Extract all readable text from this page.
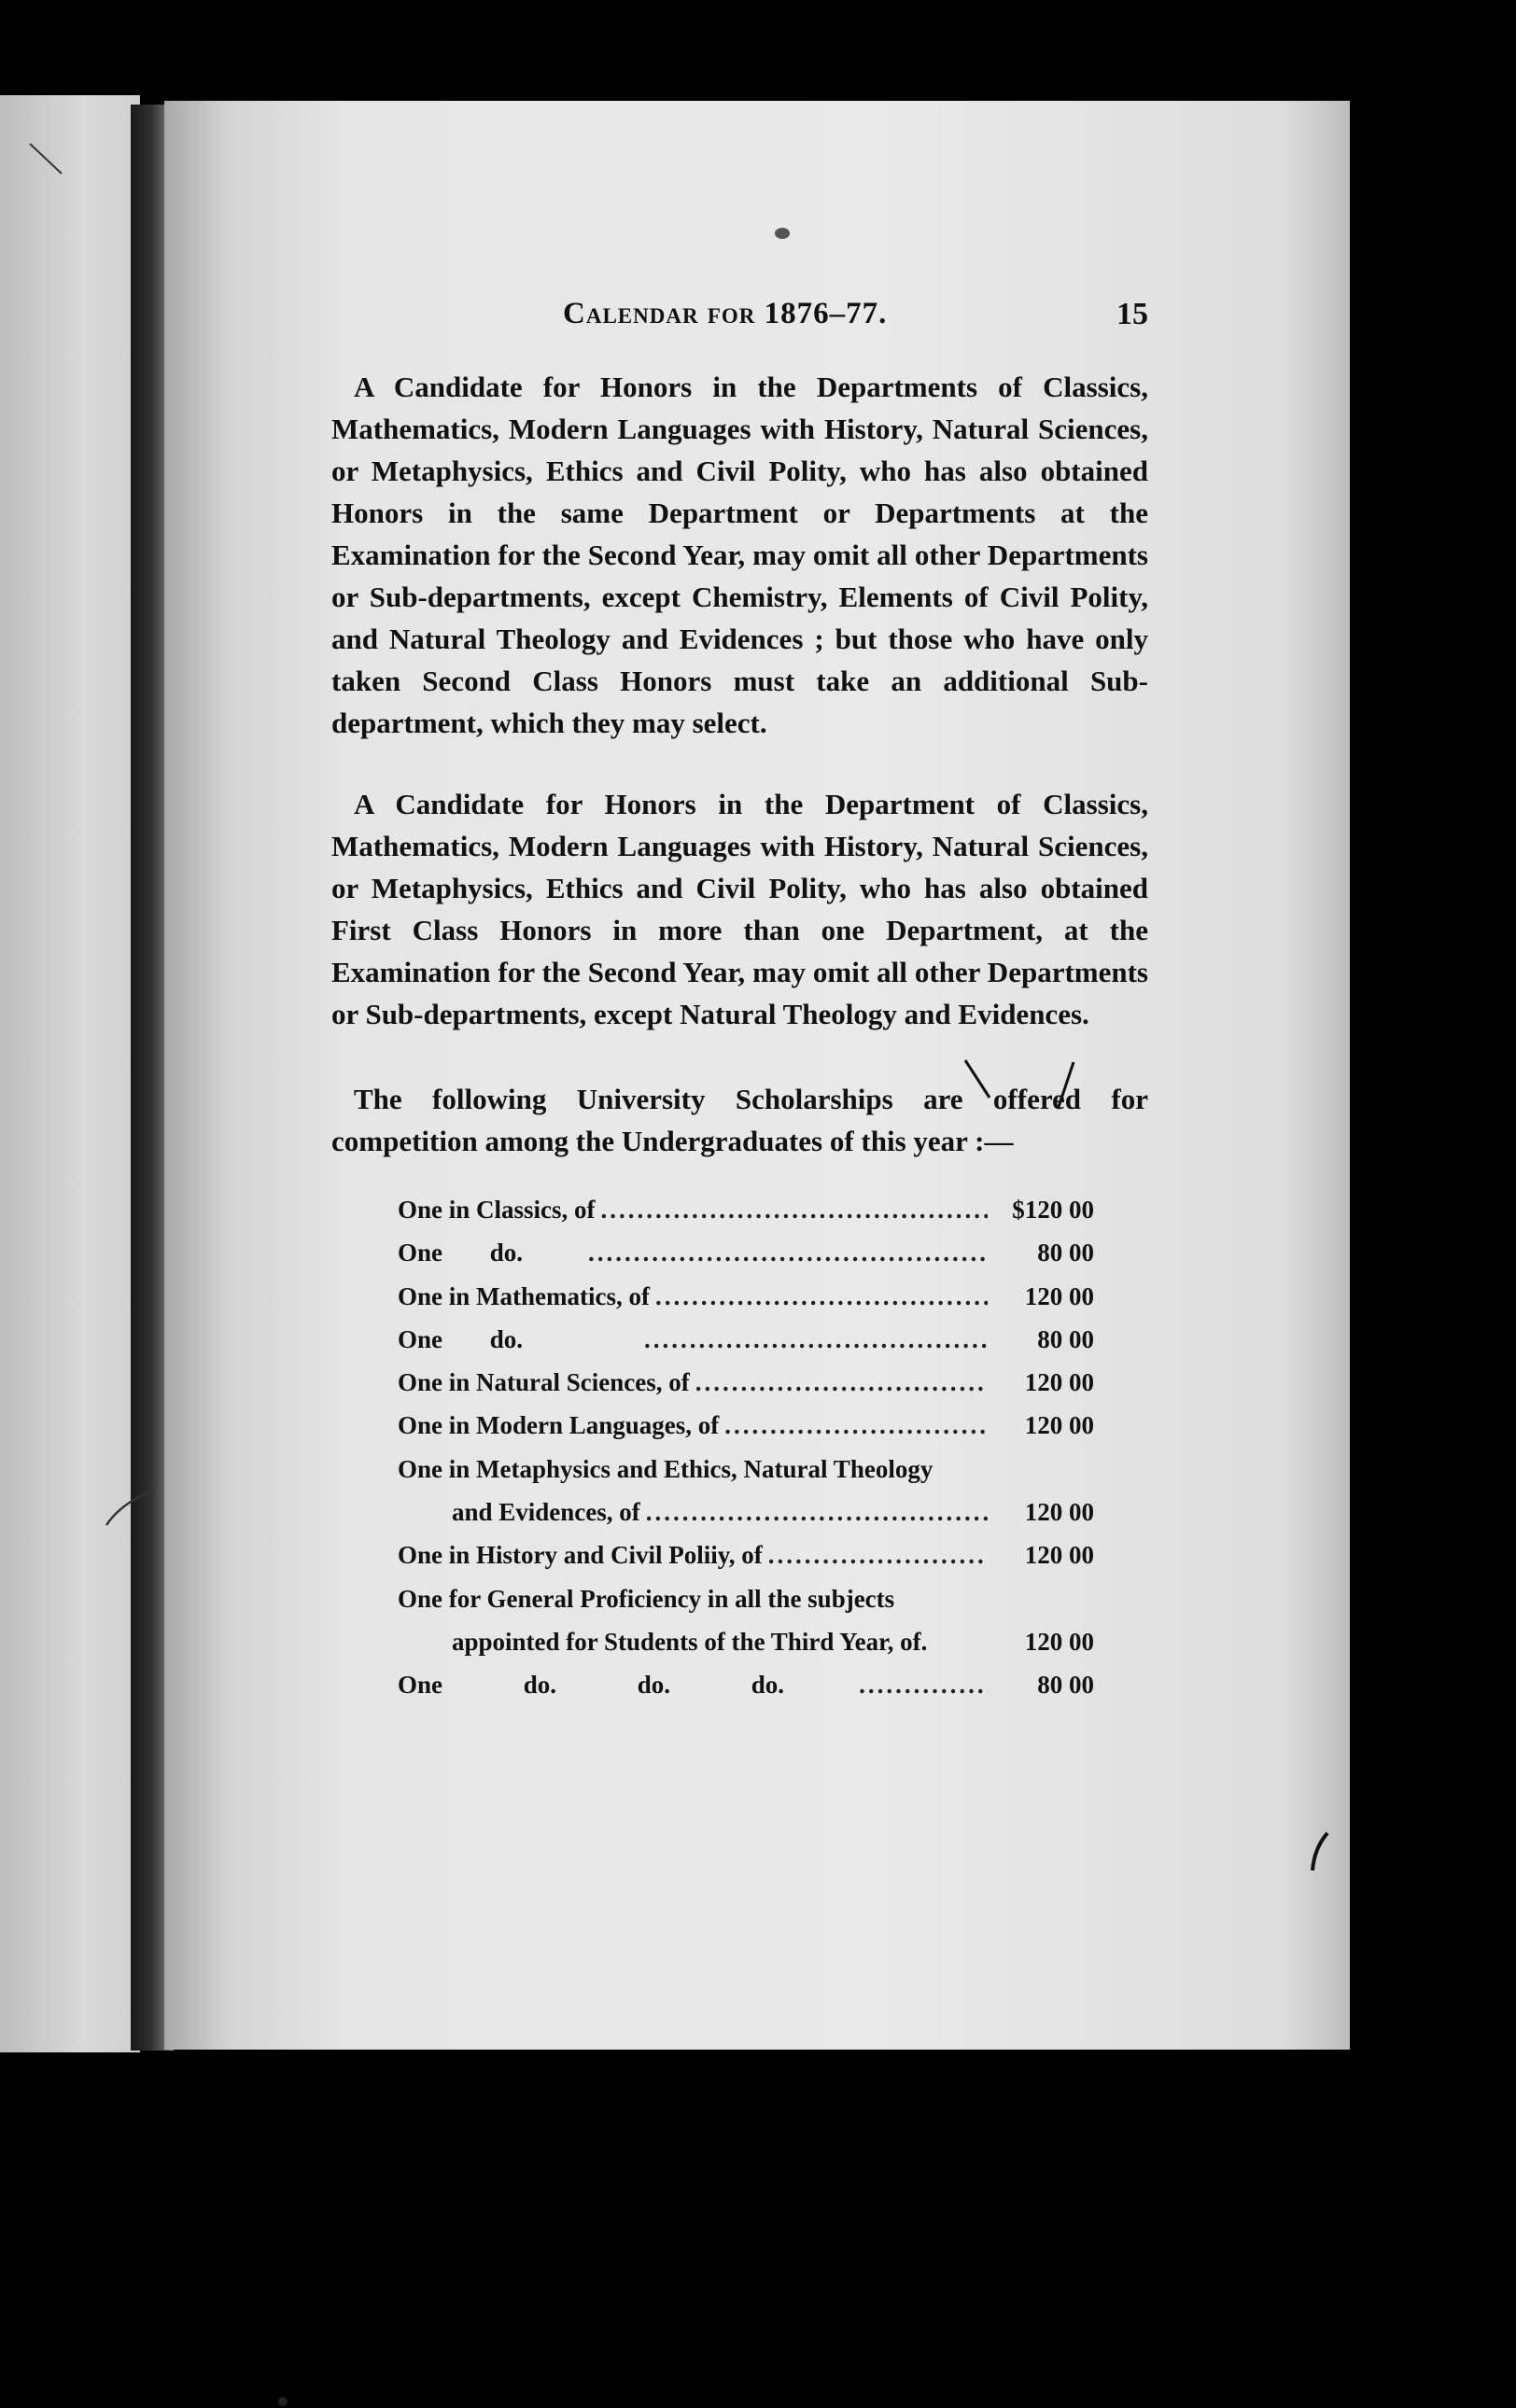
Calendar for 1876–77.	15

A Candidate for Honors in the Departments of Classics, Mathematics, Modern Languages with History, Natural Sciences, or Metaphysics, Ethics and Civil Polity, who has also obtained Honors in the same Department or Departments at the Examination for the Second Year, may omit all other Departments or Sub-departments, except Chemistry, Elements of Civil Polity, and Natural Theology and Evidences ; but those who have only taken Second Class Honors must take an additional Sub-department, which they may select.

A Candidate for Honors in the Department of Classics, Mathematics, Modern Languages with History, Natural Sciences, or Metaphysics, Ethics and Civil Polity, who has also obtained First Class Honors in more than one Department, at the Examination for the Second Year, may omit all other Departments or Sub-departments, except Natural Theology and Evidences.

The following University Scholarships are offered for competition among the Undergraduates of this year :—

One in Classics, of .....	$120 00
One do. .....	80 00
One in Mathematics, of .....	120 00
One do. .....	80 00
One in Natural Sciences, of .....	120 00
One in Modern Languages, of .....	120 00
One in Metaphysics and Ethics, Natural Theology
and Evidences, of .....	120 00
One in History and Civil Poliiy, of .....	120 00
One for General Proficiency in all the subjects
appointed for Students of the Third Year, of.	120 00
One do. do. do. .....	80 00
